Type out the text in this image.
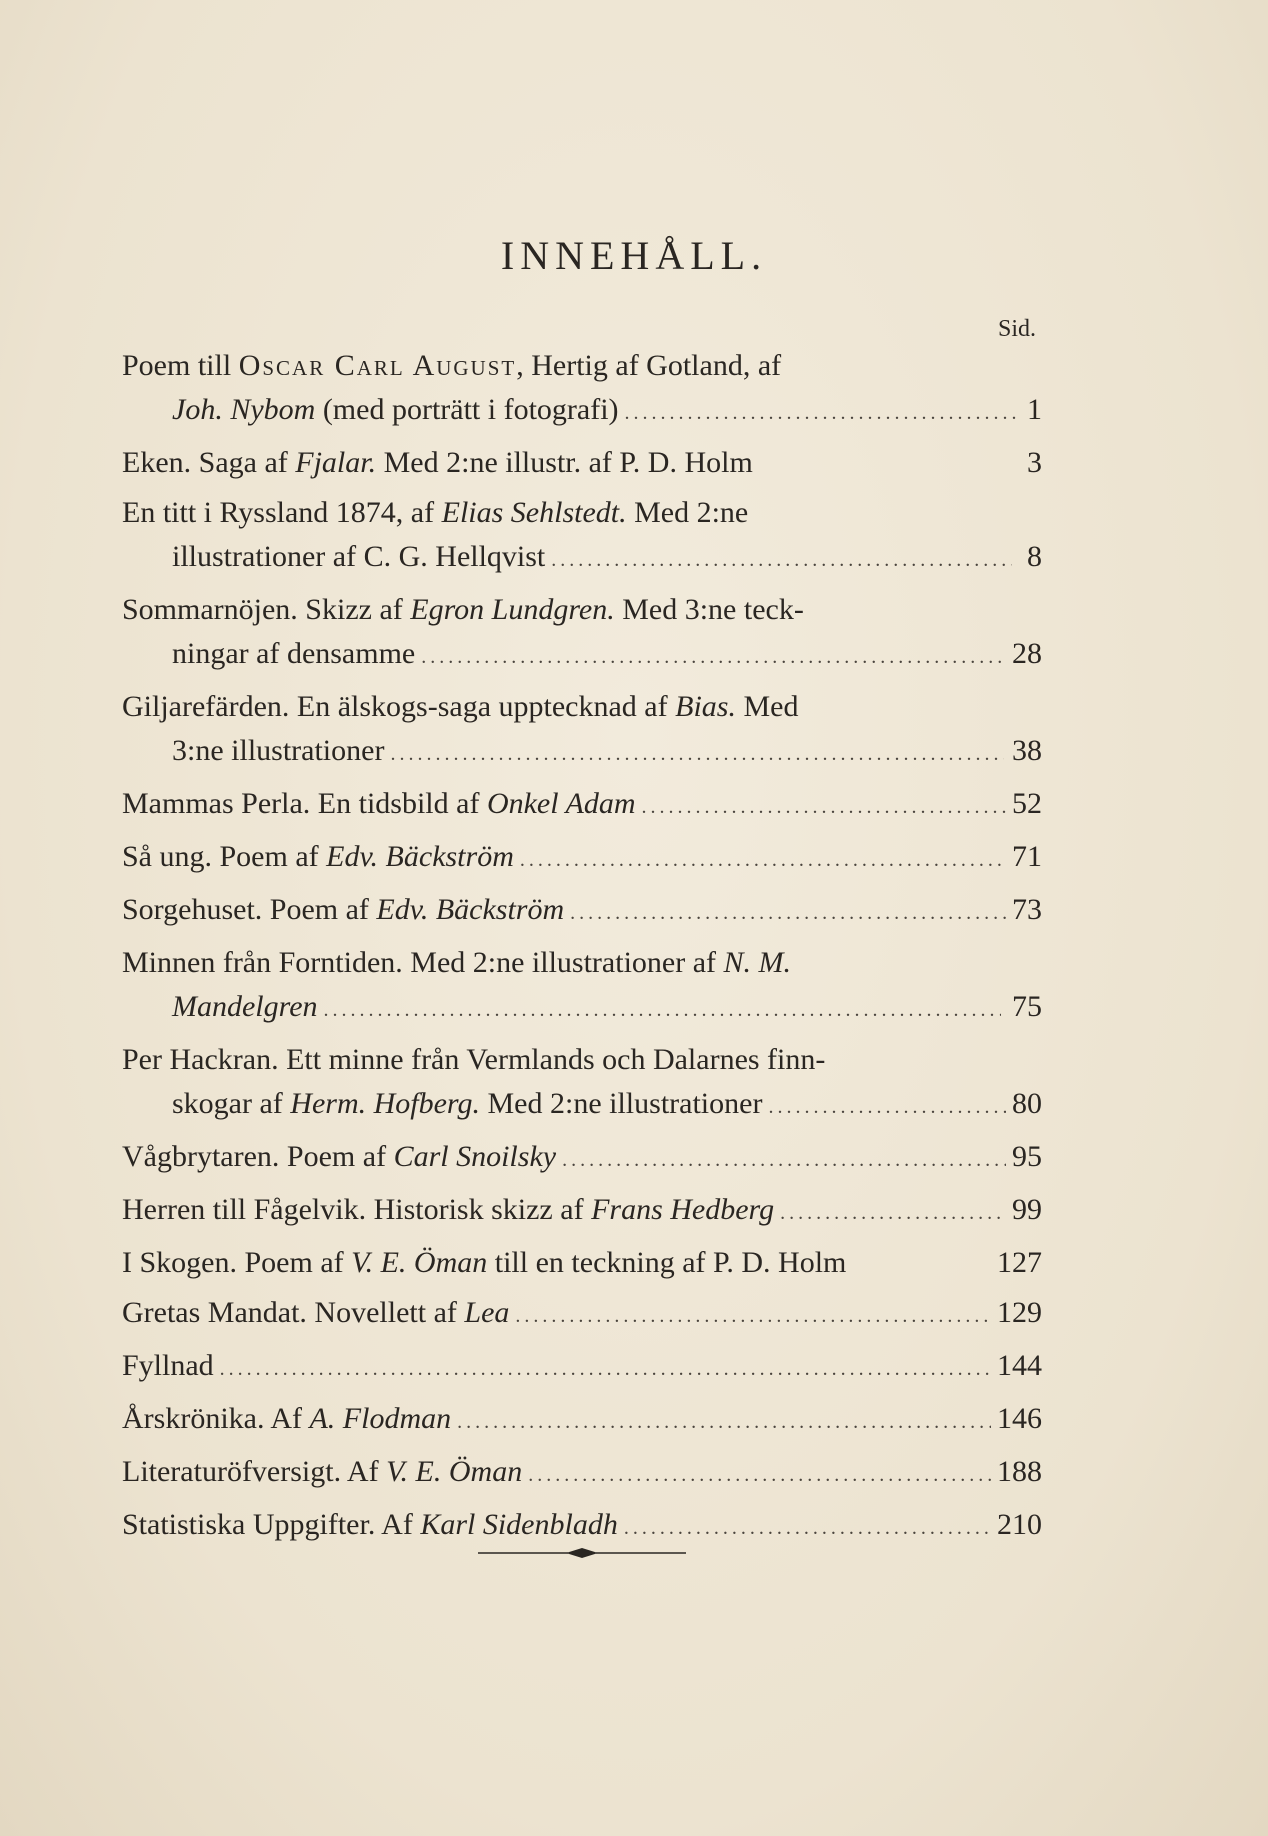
INNEHÅLL.
Sid.
Poem till Oscar Carl August, Hertig af Gotland, af
Joh. Nybom (med porträtt i fotografi) .....	1
Eken. Saga af Fjalar. Med 2:ne illustr. af P. D. Holm	3
En titt i Ryssland 1874, af Elias Sehlstedt. Med 2:ne
illustrationer af C. G. Hellqvist .....	8
Sommarnöjen. Skizz af Egron Lundgren. Med 3:ne teck-
ningar af densamme .....	28
Giljarefärden. En älskogs-saga upptecknad af Bias. Med
3:ne illustrationer .....	38
Mammas Perla. En tidsbild af Onkel Adam .....	52
Så ung. Poem af Edv. Bäckström .....	71
Sorgehuset. Poem af Edv. Bäckström .....	73
Minnen från Forntiden. Med 2:ne illustrationer af N. M.
Mandelgren .....	75
Per Hackran. Ett minne från Vermlands och Dalarnes finn-
skogar af Herm. Hofberg. Med 2:ne illustrationer .....	80
Vågbrytaren. Poem af Carl Snoilsky .....	95
Herren till Fågelvik. Historisk skizz af Frans Hedberg .....	99
I Skogen. Poem af V. E. Öman till en teckning af P. D. Holm	127
Gretas Mandat. Novellett af Lea .....	129
Fyllnad .....	144
Årskrönika. Af A. Flodman .....	146
Literaturöfversigt. Af V. E. Öman .....	188
Statistiska Uppgifter. Af Karl Sidenbladh .....	210
